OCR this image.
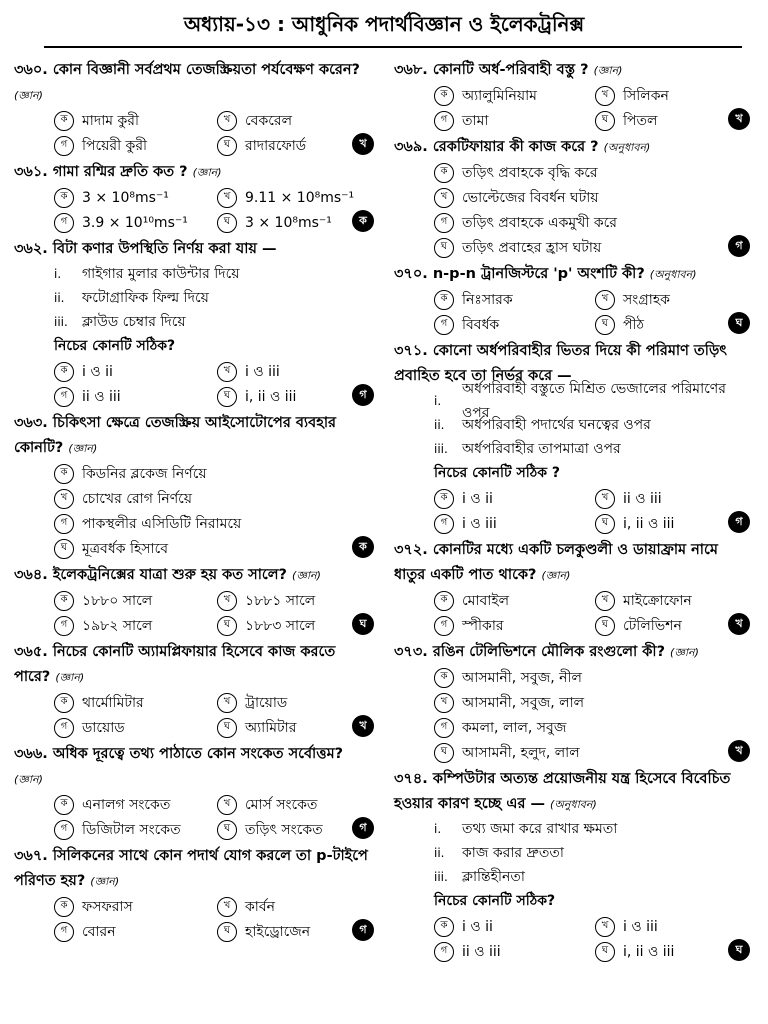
অধ্যায়-১৩ : আধুনিক পদার্থবিজ্ঞান ও ইলেকট্রনিক্স
৩৬০. কোন বিজ্ঞানী সর্বপ্রথম তেজস্ক্রিয়তা পর্যবেক্ষণ করেন? (জ্ঞান)
ক	মাদাম কুরী	খ	বেকরেল
গ	পিয়েরী কুরী	ঘ	রাদারফোর্ড	খ
৩৬১. গামা রশ্মির দ্রুতি কত ? (জ্ঞান)
ক	3 × 10⁸ms⁻¹	খ	9.11 × 10⁸ms⁻¹
গ	3.9 × 10¹⁰ms⁻¹	ঘ	3 × 10⁸ms⁻¹	ক
৩৬২. বিটা কণার উপস্থিতি নির্ণয় করা যায় —
i.	গাইগার মুলার কাউন্টার দিয়ে
ii.	ফটোগ্রাফিক ফিল্ম দিয়ে
iii.	ক্লাউড চেম্বার দিয়ে
নিচের কোনটি সঠিক?
ক	i ও ii	খ	i ও iii
গ	ii ও iii	ঘ	i, ii ও iii	গ
৩৬৩. চিকিৎসা ক্ষেত্রে তেজস্ক্রিয় আইসোটোপের ব্যবহার কোনটি? (জ্ঞান)
ক	কিডনির ব্লকেজ নির্ণয়ে
খ	চোখের রোগ নির্ণয়ে
গ	পাকস্থলীর এসিডিটি নিরাময়ে
ঘ	মূত্রবর্ধক হিসাবে	ক
৩৬৪. ইলেকট্রনিক্সের যাত্রা শুরু হয় কত সালে? (জ্ঞান)
ক	১৮৮০ সালে	খ	১৮৮১ সালে
গ	১৯৮২ সালে	ঘ	১৮৮৩ সালে	ঘ
৩৬৫. নিচের কোনটি অ্যামপ্লিফায়ার হিসেবে কাজ করতে পারে? (জ্ঞান)
ক	থার্মোমিটার	খ	ট্রায়োড
গ	ডায়োড	ঘ	অ্যামিটার	খ
৩৬৬. অধিক দূরত্বে তথ্য পাঠাতে কোন সংকেত সর্বোত্তম? (জ্ঞান)
ক	এনালগ সংকেত	খ	মোর্স সংকেত
গ	ডিজিটাল সংকেত	ঘ	তড়িৎ সংকেত	গ
৩৬৭. সিলিকনের সাথে কোন পদার্থ যোগ করলে তা p-টাইপে পরিণত হয়? (জ্ঞান)
ক	ফসফরাস	খ	কার্বন
গ	বোরন	ঘ	হাইড্রোজেন	গ
৩৬৮. কোনটি অর্ধ-পরিবাহী বস্তু ? (জ্ঞান)
ক	অ্যালুমিনিয়াম	খ	সিলিকন
গ	তামা	ঘ	পিতল	খ
৩৬৯. রেকটিফায়ার কী কাজ করে ? (অনুধাবন)
ক	তড়িৎ প্রবাহকে বৃদ্ধি করে
খ	ভোল্টেজের বিবর্ধন ঘটায়
গ	তড়িৎ প্রবাহকে একমুখী করে
ঘ	তড়িৎ প্রবাহের হ্রাস ঘটায়	গ
৩৭০. n-p-n ট্রানজিস্টরে 'p' অংশটি কী? (অনুধাবন)
ক	নিঃসারক	খ	সংগ্রাহক
গ	বিবর্ধক	ঘ	পীঠ	ঘ
৩৭১. কোনো অর্ধপরিবাহীর ভিতর দিয়ে কী পরিমাণ তড়িৎ প্রবাহিত হবে তা নির্ভর করে —
i.
অর্ধপরিবাহী বস্তুতে মিশ্রিত ভেজালের পরিমাণের ওপর
ii.	অর্ধপরিবাহী পদার্থের ঘনত্বের ওপর
iii.	অর্ধপরিবাহীর তাপমাত্রা ওপর
নিচের কোনটি সঠিক ?
ক	i ও ii	খ	ii ও iii
গ	i ও iii	ঘ	i, ii ও iii	গ
৩৭২. কোনটির মধ্যে একটি চলকুণ্ডলী ও ডায়াফ্রাম নামে ধাতুর একটি পাত থাকে? (জ্ঞান)
ক	মোবাইল	খ	মাইক্রোফোন
গ	স্পীকার	ঘ	টেলিভিশন	খ
৩৭৩. রঙিন টেলিভিশনে মৌলিক রংগুলো কী? (জ্ঞান)
ক	আসমানী, সবুজ, নীল
খ	আসমানী, সবুজ, লাল
গ	কমলা, লাল, সবুজ
ঘ	আসামনী, হলুদ, লাল	খ
৩৭৪. কম্পিউটার অত্যন্ত প্রয়োজনীয় যন্ত্র হিসেবে বিবেচিত হওয়ার কারণ হচ্ছে এর — (অনুধাবন)
i.	তথ্য জমা করে রাখার ক্ষমতা
ii.	কাজ করার দ্রুততা
iii.	ক্লান্তিহীনতা
নিচের কোনটি সঠিক?
ক	i ও ii	খ	i ও iii
গ	ii ও iii	ঘ	i, ii ও iii	ঘ
